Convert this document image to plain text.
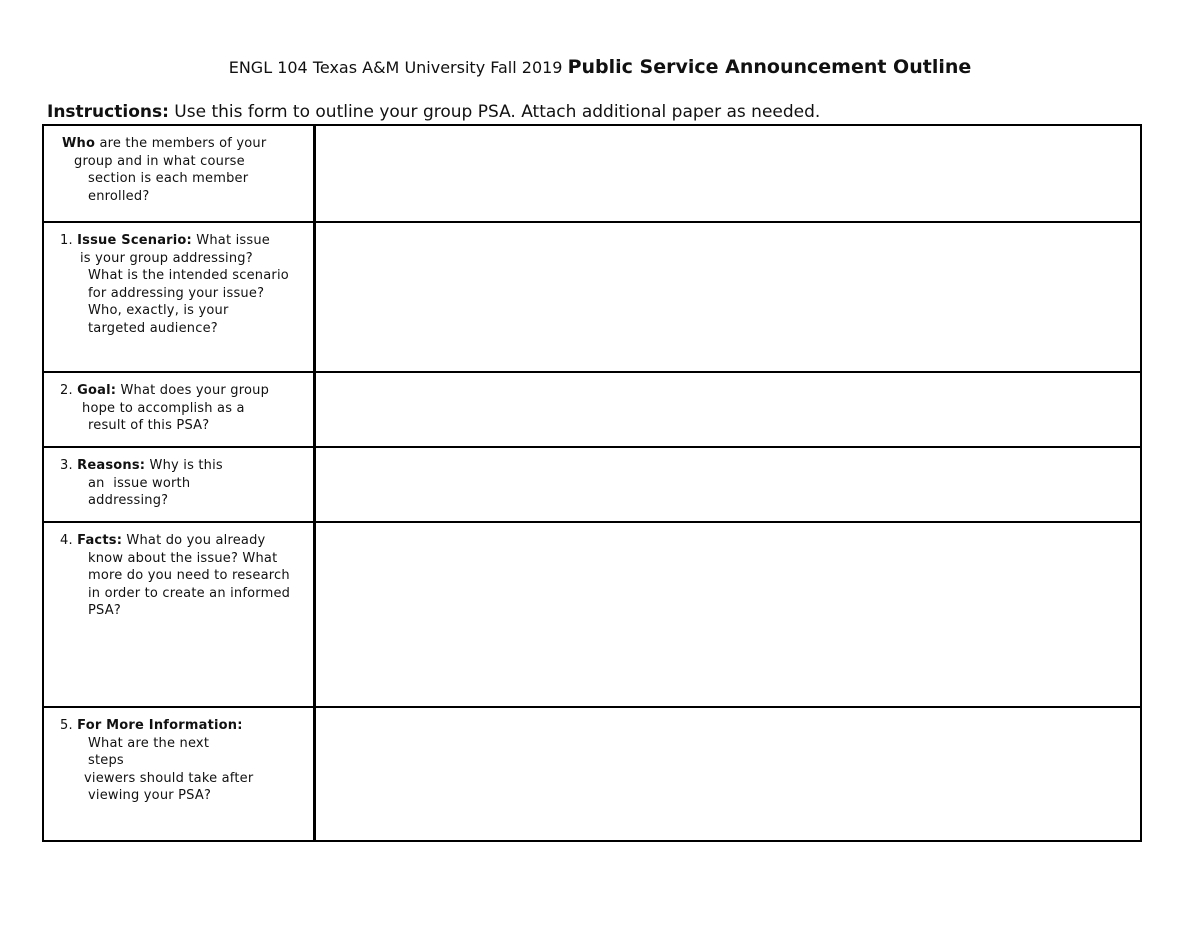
ENGL 104 Texas A&M University Fall 2019 Public Service Announcement Outline
Instructions: Use this form to outline your group PSA. Attach additional paper as needed.
Who are the members of your
group and in what course
section is each member
enrolled?
1. Issue Scenario: What issue
is your group addressing?
What is the intended scenario
for addressing your issue?
Who, exactly, is your
targeted audience?
2. Goal: What does your group
hope to accomplish as a
result of this PSA?
3. Reasons: Why is this
an  issue worth
addressing?
4. Facts: What do you already
know about the issue? What
more do you need to research
in order to create an informed
PSA?
5. For More Information:
What are the next
steps
viewers should take after
viewing your PSA?
